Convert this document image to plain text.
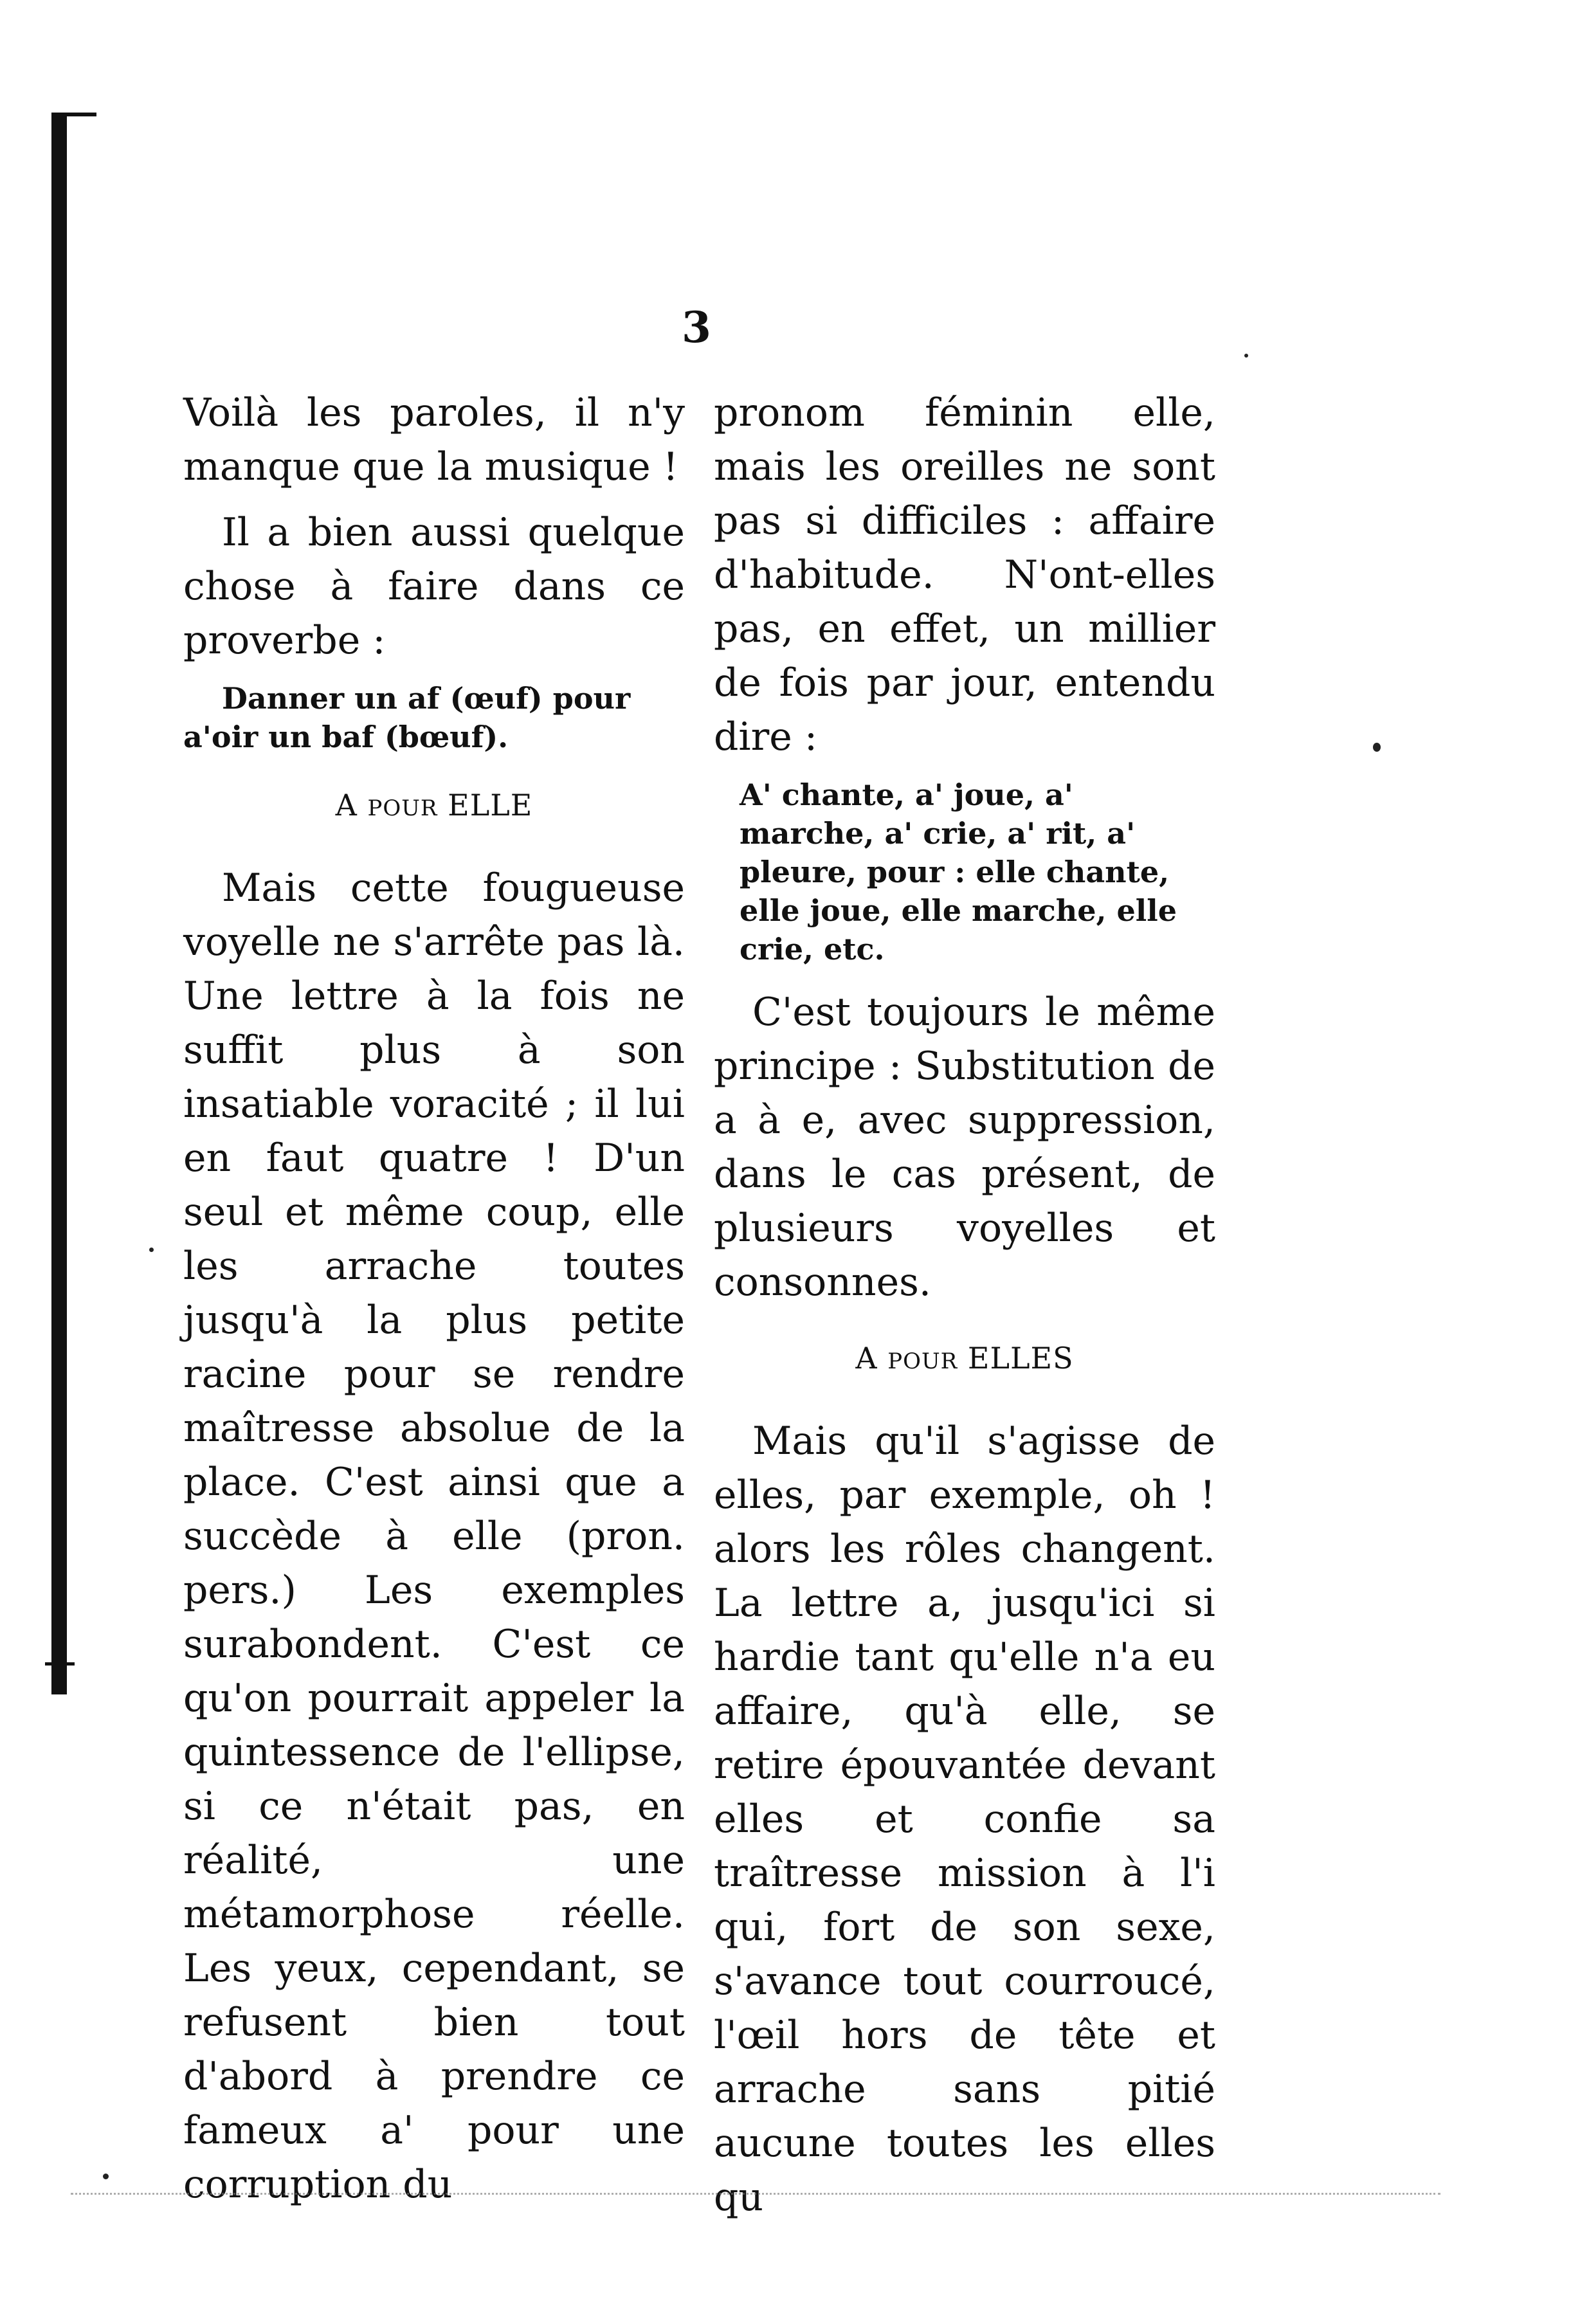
3

Voilà les paroles, il n'y manque que la musique !

Il a bien aussi quelque chose à faire dans ce proverbe :

Danner un af (œuf) pour
a'oir un baf (bœuf).
A POUR ELLE

Mais cette fougueuse voyelle ne s'arrête pas là. Une lettre à la fois ne suffit plus à son insatiable voracité ; il lui en faut quatre ! D'un seul et même coup, elle les arrache toutes jusqu'à la plus petite racine pour se rendre maîtresse absolue de la place. C'est ainsi que a succède à elle (pron. pers.) Les exemples surabondent. C'est ce qu'on pourrait appeler la quintessence de l'ellipse, si ce n'était pas, en réalité, une métamorphose réelle. Les yeux, cependant, se refusent bien tout d'abord à prendre ce fameux a' pour une corruption du

pronom féminin elle, mais les oreilles ne sont pas si difficiles : affaire d'habitude. N'ont-elles pas, en effet, un millier de fois par jour, entendu dire :

A' chante, a' joue, a' marche, a' crie, a' rit, a' pleure, pour : elle chante, elle joue, elle marche, elle crie, etc.

C'est toujours le même principe : Substitution de a à e, avec suppression, dans le cas présent, de plusieurs voyelles et consonnes.

A POUR ELLES

Mais qu'il s'agisse de elles, par exemple, oh ! alors les rôles changent. La lettre a, jusqu'ici si hardie tant qu'elle n'a eu affaire, qu'à elle, se retire épouvantée devant elles et confie sa traîtresse mission à l'i qui, fort de son sexe, s'avance tout courroucé, l'œil hors de tête et arrache sans pitié aucune toutes les elles qu
